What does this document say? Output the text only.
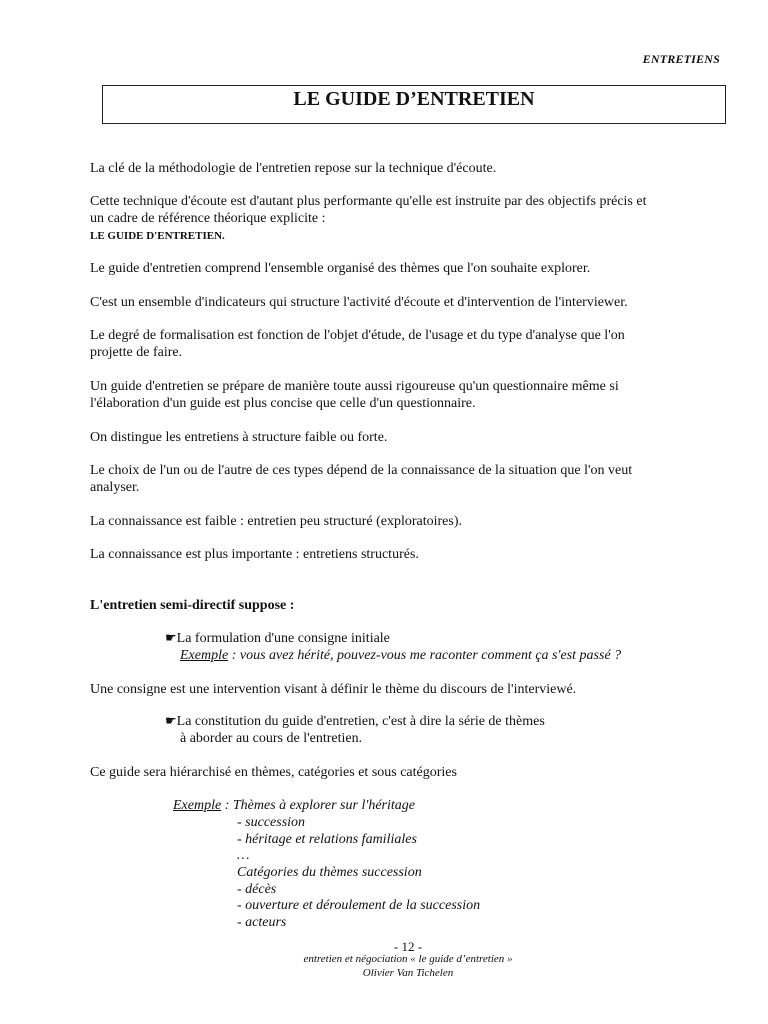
ENTRETIENS
LE GUIDE D’ENTRETIEN
La clé de la méthodologie de l'entretien repose sur la technique d'écoute.
Cette technique d'écoute est d'autant plus performante qu'elle est instruite par des objectifs précis et
un cadre de référence théorique explicite :
LE GUIDE D'ENTRETIEN.
Le guide d'entretien comprend l'ensemble organisé des thèmes que l'on souhaite explorer.
C'est un ensemble d'indicateurs qui structure l'activité d'écoute et d'intervention de l'interviewer.
Le degré de formalisation est fonction de l'objet d'étude, de l'usage et du type d'analyse que l'on
projette de faire.
Un guide d'entretien se prépare de manière toute aussi rigoureuse qu'un questionnaire même si
l'élaboration d'un guide est plus concise que celle d'un questionnaire.
On distingue les entretiens à structure faible ou forte.
Le choix de l'un ou de l'autre de ces types dépend de la connaissance de la situation que l'on veut
analyser.
La connaissance est faible : entretien peu structuré (exploratoires).
La connaissance est plus importante : entretiens structurés.
L'entretien semi-directif suppose :
☛La formulation d'une consigne initiale
Exemple : vous avez hérité, pouvez-vous me raconter comment ça s'est passé ?
Une consigne est une intervention visant à définir le thème du discours de l'interviewé.
☛La constitution du guide d'entretien, c'est à dire la série de thèmes
à aborder au cours de l'entretien.
Ce guide sera hiérarchisé en thèmes, catégories et sous catégories
Exemple : Thèmes à explorer sur l'héritage
- succession
- héritage et relations familiales
…
Catégories du thèmes succession
- décès
- ouverture et déroulement de la succession
- acteurs
- 12 -
entretien et négociation « le guide d’entretien »
Olivier Van Tichelen
